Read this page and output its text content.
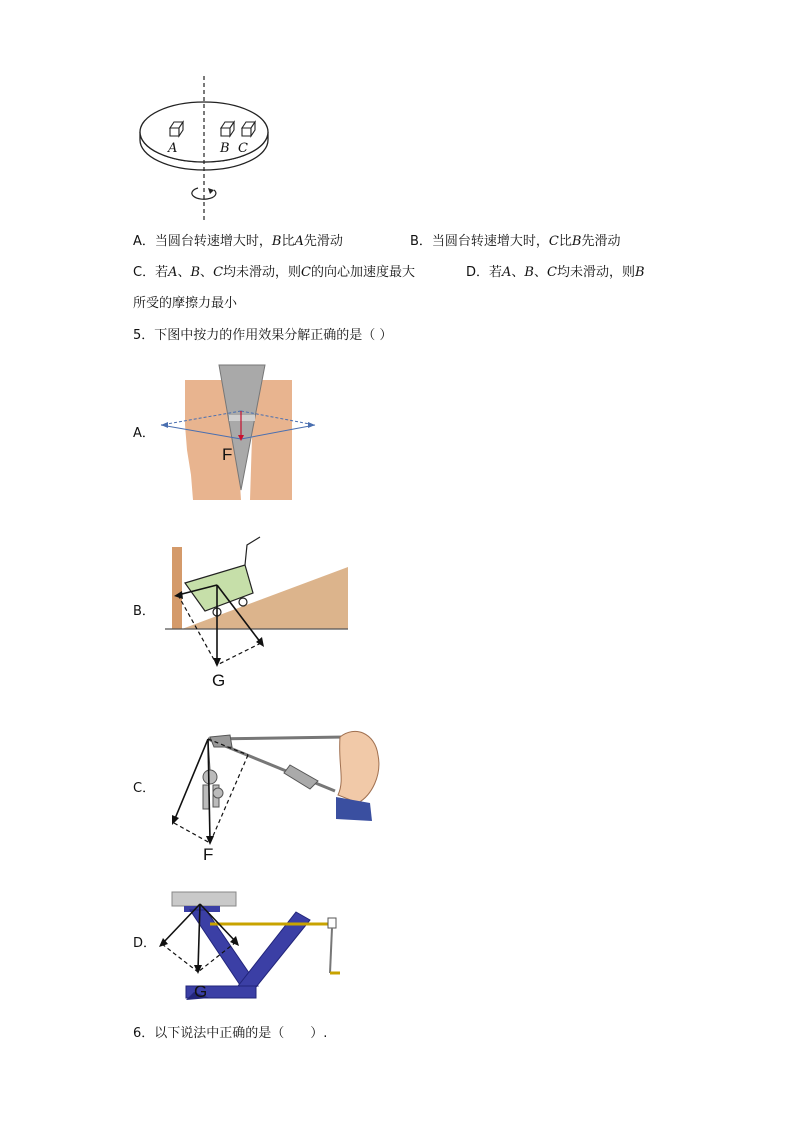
A	B C
A．当圆台转速增大时，B比A先滑动	B．当圆台转速增大时，C比B先滑动
C．若A、B、C均未滑动，则C的向心加速度最大	D．若A、B、C均未滑动，则B
所受的摩擦力最小
5．下图中按力的作用效果分解正确的是（ ）
A．
F
B．
G
C．
F
D．
G
6．以下说法中正确的是（　　）.
